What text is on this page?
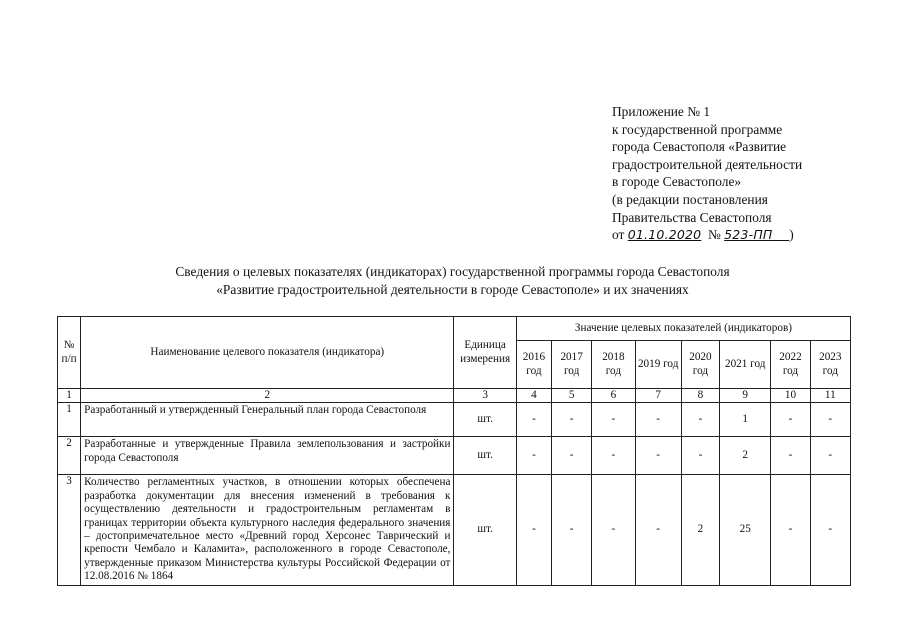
Приложение № 1
к государственной программе
города Севастополя «Развитие
градостроительной деятельности
в городе Севастополе»
(в редакции постановления
Правительства Севастополя
от 01.10.2020 № 523-ПП )
Сведения о целевых показателях (индикаторах) государственной программы города Севастополя
«Развитие градостроительной деятельности в городе Севастополе» и их значениях
№ п/п	Наименование целевого показателя (индикатора)	Единица измерения	Значение целевых показателей (индикаторов)							
			2016 год	2017 год	2018 год	2019 год	2020 год	2021 год	2022 год	2023 год
1	2	3	4	5	6	7	8	9	10	11
1	Разработанный и утвержденный Генеральный план города Севастополя	шт.	-	-	-	-	-	1	-	-
2	Разработанные и утвержденные Правила землепользования и застройки города Севастополя	шт.	-	-	-	-	-	2	-	-
3	Количество регламентных участков, в отношении которых обеспечена разработка документации для внесения изменений в требования к осуществлению деятельности и градостроительным регламентам в границах территории объекта культурного наследия федерального значения – достопримечательное место «Древний город Херсонес Таврический и крепости Чембало и Каламита», расположенного в городе Севастополе, утвержденные приказом Министерства культуры Российской Федерации от 12.08.2016 № 1864	шт.	-	-	-	-	2	25	-	-
